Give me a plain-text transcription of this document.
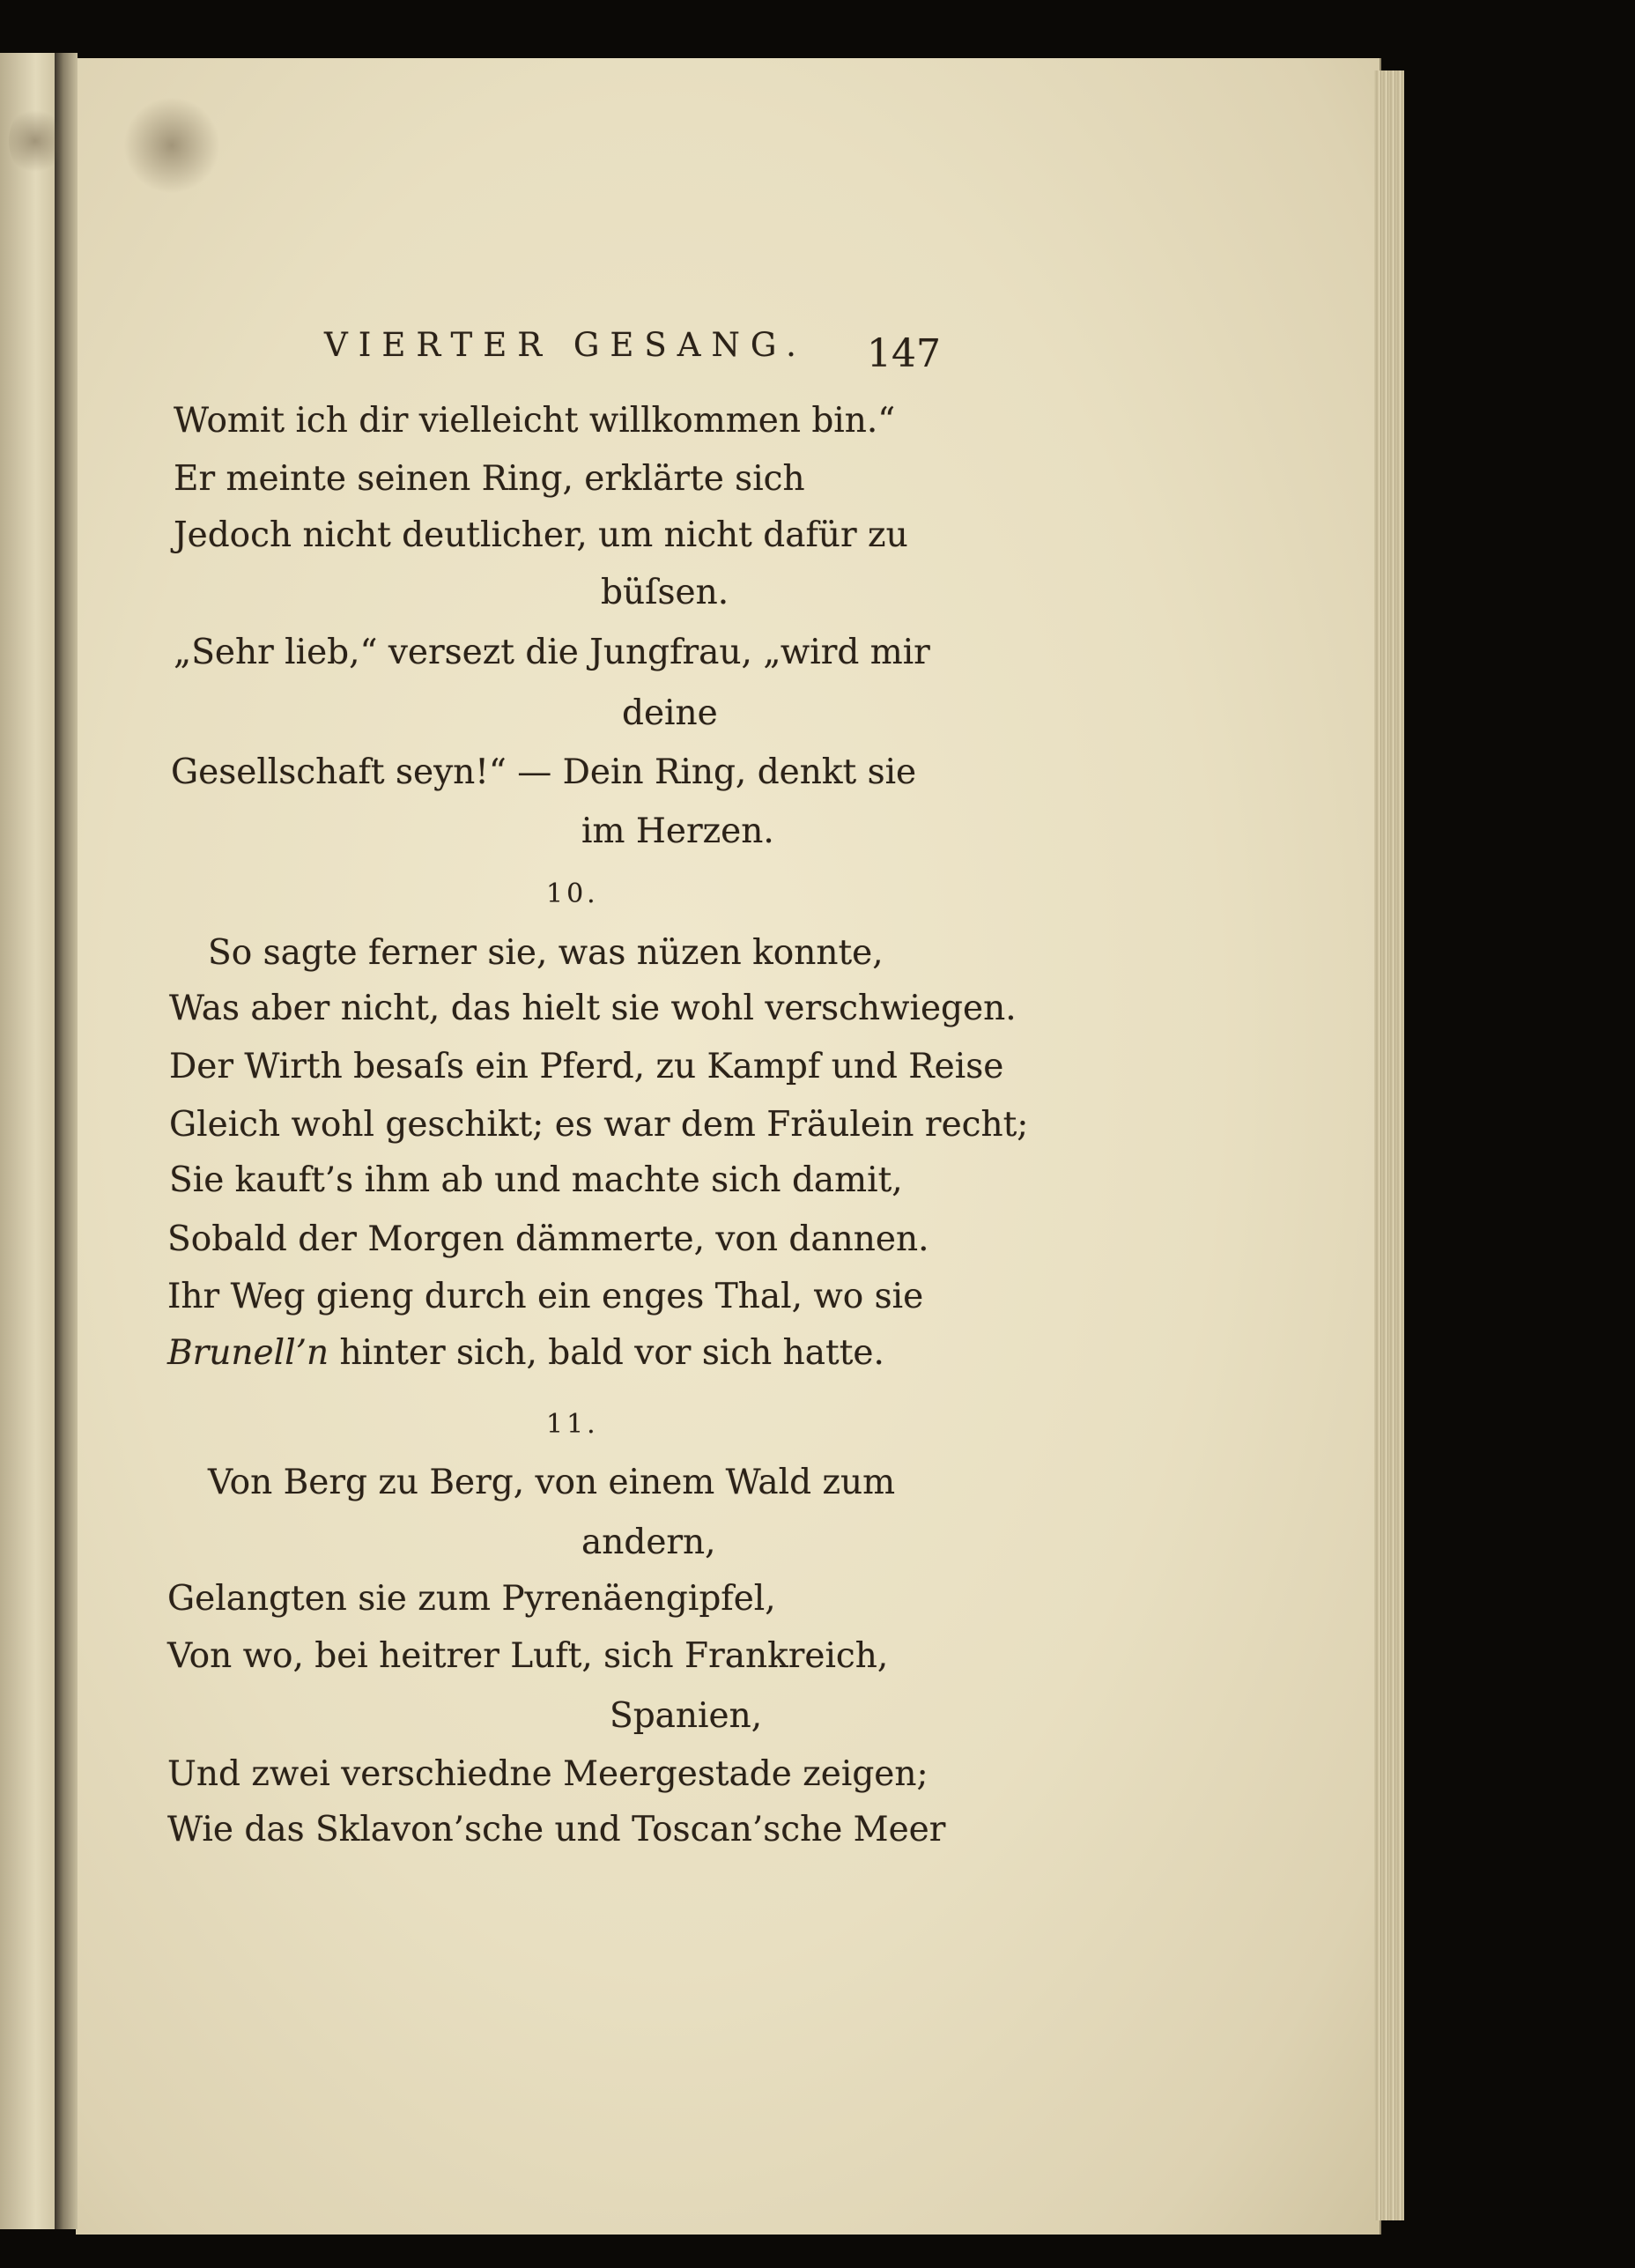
VIERTER GESANG. 147
Womit ich dir vielleicht willkommen bin.“
Er meinte seinen Ring, erklärte sich
Jedoch nicht deutlicher, um nicht dafür zu
büſsen.
„Sehr lieb,“ versezt die Jungfrau, „wird mir
deine
Gesellschaft seyn!“ — Dein Ring, denkt sie
im Herzen.
10.
So sagte ferner sie, was nüzen konnte,
Was aber nicht, das hielt sie wohl verschwiegen.
Der Wirth besaſs ein Pferd, zu Kampf und Reise
Gleich wohl geschikt; es war dem Fräulein recht;
Sie kauft’s ihm ab und machte sich damit,
Sobald der Morgen dämmerte, von dannen.
Ihr Weg gieng durch ein enges Thal, wo sie
Brunell’n hinter sich, bald vor sich hatte.
11.
Von Berg zu Berg, von einem Wald zum
andern,
Gelangten sie zum Pyrenäengipfel,
Von wo, bei heitrer Luft, sich Frankreich,
Spanien,
Und zwei verschiedne Meergestade zeigen;
Wie das Sklavon’sche und Toscan’sche Meer
